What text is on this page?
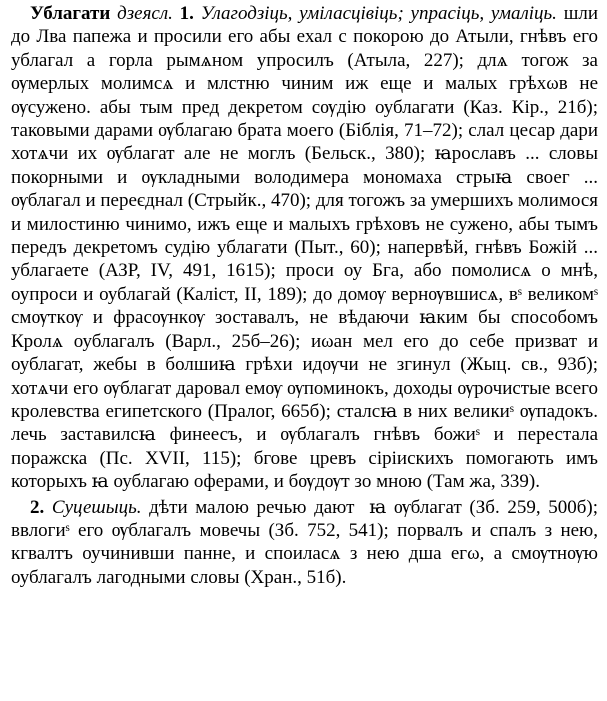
Ублагати дзеясл. 1. Улагодзіць, уміласцівіць; упрасіць, умаліць. шли до Лва папежа и просили его абы ехал с покорою до Атыли, гнѣвъ его ублагал а горла рымѧном упросилъ (Атыла, 227); длѧ тогож за ѹмерлых молимсѧ и млстню чиним иж еще и малых грѣхωв не ѹсужено. абы тым пред декретом сѹдію оублагати (Каз. Кір., 21б); таковыми дарами ѹблагаю брата моего (Біблія, 71–72); слал цесар дари хотѧчи их ѹблагат але не моглъ (Бельск., 380); ꙗрославъ ... словы покорными и ѹкладными володимера мономаха стрыꙗ своег ... ѹблагал и переєднал (Стрыйк., 470); для тогожъ за умершихъ молимося и милостиню чинимо, ижъ еще и малыхъ грѣховъ не сужено, абы тымъ передъ декретомъ судію ублагати (Пыт., 60); напервѣй, гнѣвъ Божій ... ублагаете (АЗР, IV, 491, 1615); проси оу Бга, або помолисѧ о мнѣ, оупроси и оублагай (Каліст, II, 189); до домѹ вернѹвшисѧ, вˢ великомˢ смѹткѹ и фрасѹнкѹ зоставалъ, не вѣдаючи ꙗким бы способомъ Кролѧ оублагалъ (Варл., 25б–26); иωан мел его до себе призват и оублагат, жебы в болшиꙗ грѣхи идѹчи не згинул (Жыц. св., 93б); хотѧчи его ѹблагат даровал емѹ ѹпоминокъ, доходы ѹрочистые всего кролевства египетского (Пралог, 665б); сталсꙗ в них великиˢ ѹпадокъ. лечь заставилсꙗ финеесъ, и ѹблагалъ гнѣвъ божиˢ и перестала поражска (Пс. XVII, 115); бгове цревъ сіріискихъ помогають имъ которыхъ ꙗ оублагаю оферами, и бѹдѹт зо мною (Там жа, 339).

2. Суцешыць. дѣти малою речью дают꙼ꙗ ѹблагат (Зб. 259, 500б); ввлогиˢ его ѹблагалъ мовечы (Зб. 752, 541); порвалъ и спалъ з нею, кгвалтъ оучинивши панне, и споиласѧ з нею дша егω, а смѹтнѹю оублагалъ лагодными словы (Хран., 51б).
